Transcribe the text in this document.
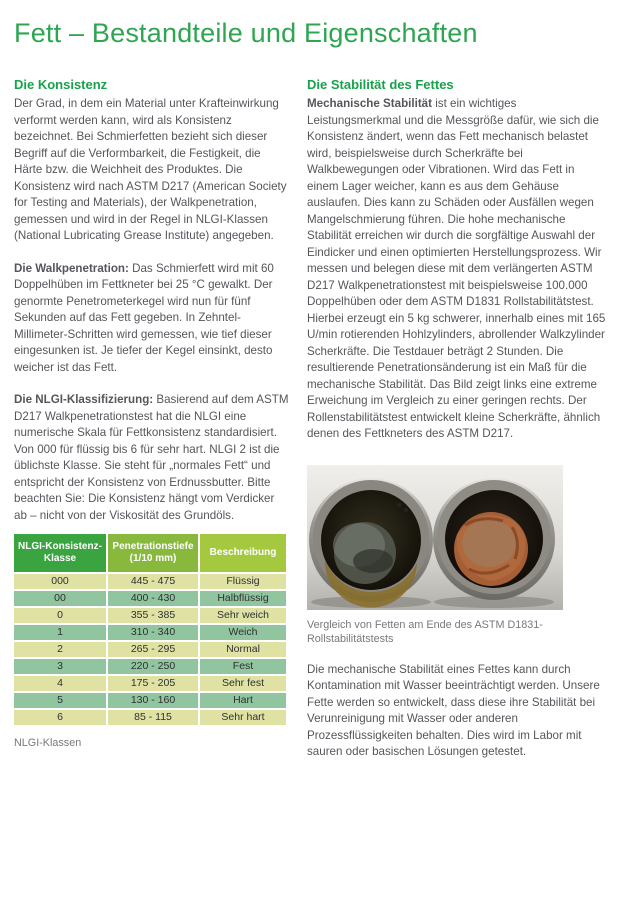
Fett – Bestandteile und Eigenschaften
Die Konsistenz

Der Grad, in dem ein Material unter Krafteinwirkung verformt werden kann, wird als Konsistenz bezeichnet. Bei Schmierfetten bezieht sich dieser Begriff auf die Verformbarkeit, die Festigkeit, die Härte bzw. die Weichheit des Produktes. Die Konsistenz wird nach ASTM D217 (American Society for Testing and Materials), der Walkpenetration, gemessen und wird in der Regel in NLGI-Klassen (National Lubricating Grease Institute) angegeben.

Die Walkpenetration: Das Schmierfett wird mit 60 Doppelhüben im Fettkneter bei 25 °C gewalkt. Der genormte Penetrometerkegel wird nun für fünf Sekunden auf das Fett gegeben. In Zehntel-Millimeter-Schritten wird gemessen, wie tief dieser eingesunken ist. Je tiefer der Kegel einsinkt, desto weicher ist das Fett.

Die NLGI-Klassifizierung: Basierend auf dem ASTM D217 Walkpenetrationstest hat die NLGI eine numerische Skala für Fettkonsistenz standardisiert. Von 000 für flüssig bis 6 für sehr hart. NLGI 2 ist die üblichste Klasse. Sie steht für „normales Fett“ und entspricht der Konsistenz von Erdnussbutter. Bitte beachten Sie: Die Konsistenz hängt vom Verdicker ab – nicht von der Viskosität des Grundöls.

NLGI-Konsistenz-Klasse	Penetrationstiefe (1/10 mm)	Beschreibung
000	445 - 475	Flüssig
00	400 - 430	Halbflüssig
0	355 - 385	Sehr weich
1	310 - 340	Weich
2	265 - 295	Normal
3	220 - 250	Fest
4	175 - 205	Sehr fest
5	130 - 160	Hart
6	85 - 115	Sehr hart
NLGI-Klassen
Die Stabilität des Fettes

Mechanische Stabilität ist ein wichtiges Leistungsmerkmal und die Messgröße dafür, wie sich die Konsistenz ändert, wenn das Fett mechanisch belastet wird, beispielsweise durch Scherkräfte bei Walkbewegungen oder Vibrationen. Wird das Fett in einem Lager weicher, kann es aus dem Gehäuse auslaufen. Dies kann zu Schäden oder Ausfällen wegen Mangelschmierung führen. Die hohe mechanische Stabilität erreichen wir durch die sorgfältige Auswahl der Eindicker und einen optimierten Herstellungsprozess. Wir messen und belegen diese mit dem verlängerten ASTM D217 Walkpenetrationstest mit beispielsweise 100.000 Doppelhüben oder dem ASTM D1831 Rollstabilitätstest. Hierbei erzeugt ein 5 kg schwerer, innerhalb eines mit 165 U/min rotierenden Hohlzylinders, abrollender Walkzylinder Scherkräfte. Die Testdauer beträgt 2 Stunden. Die resultierende Penetrationsänderung ist ein Maß für die mechanische Stabilität. Das Bild zeigt links eine extreme Erweichung im Vergleich zu einer geringen rechts. Der Rollenstabilitätstest entwickelt kleine Scherkräfte, ähnlich denen des Fettkneters des ASTM D217.

Vergleich von Fetten am Ende des ASTM D1831-Rollstabilitätstests

Die mechanische Stabilität eines Fettes kann durch Kontamination mit Wasser beeinträchtigt werden. Unsere Fette werden so entwickelt, dass diese ihre Stabilität bei Verunreinigung mit Wasser oder anderen Prozessflüssigkeiten behalten. Dies wird im Labor mit sauren oder basischen Lösungen getestet.
